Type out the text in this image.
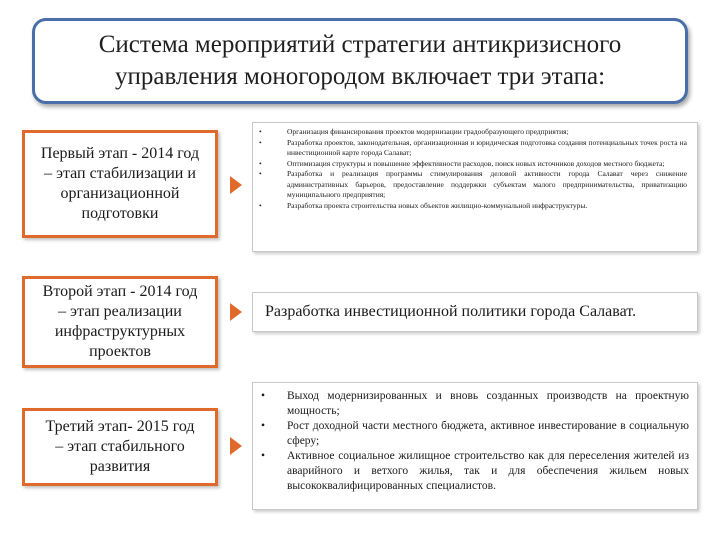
Система мероприятий стратегии антикризисного
управления моногородом включает три этапа:
Первый этап - 2014 год
– этап стабилизации и
организационной
подготовки
•	Организация финансирования проектов модернизации градообразующего предприятия;
•	Разработка проектов, законодательная, организационная и юридическая подготовка создания потенциальных точек роста на инвестиционной карте города Салават;
•	Оптимизация структуры и повышение эффективности расходов, поиск новых источников доходов местного бюджета;
•	Разработка и реализация программы стимулирования деловой активности города Салават через снижение административных барьеров, предоставление поддержки субъектам малого предпринимательства, приватизацию муниципального предприятия;
•	Разработка проекта строительства новых объектов жилищно-коммунальной инфраструктуры.
Второй этап - 2014 год
– этап реализации
инфраструктурных
проектов
Разработка инвестиционной политики города Салават.
Третий этап- 2015 год
– этап стабильного
развития
• Выход модернизированных и вновь созданных производств на проектную мощность;
• Рост доходной части местного бюджета, активное инвестирование в социальную сферу;
• Активное социальное жилищное строительство как для переселения жителей из аварийного и ветхого жилья, так и для обеспечения жильем новых высококвалифицированных специалистов.
